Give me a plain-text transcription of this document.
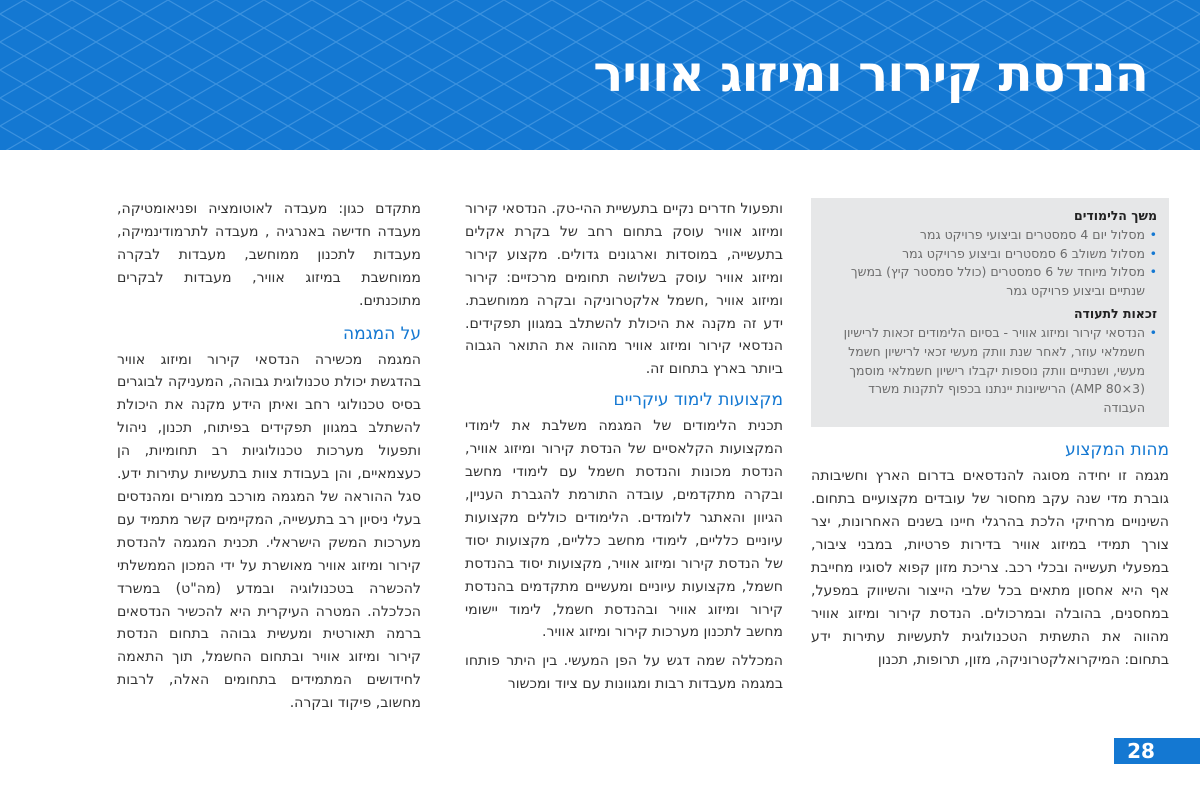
הנדסת קירור ומיזוג אוויר
משך הלימודים
• מסלול יום 4 סמסטרים וביצועי פרויקט גמר
• מסלול משולב 6 סמסטרים וביצוע פרויקט גמר
• מסלול מיוחד של 6 סמסטרים (כולל סמסטר קיץ) במשך שנתיים וביצוע פרויקט גמר
זכאות לתעודה
• הנדסאי קירור ומיזוג אוויר - בסיום הלימודים זכאות לרישיון חשמלאי עוזר, לאחר שנת וותק מעשי זכאי לרישיון חשמל מעשי, ושנתיים וותק נוספות יקבלו רישיון חשמלאי מוסמך (3×80 AMP) הרישיונות יינתנו בכפוף לתקנות משרד העבודה
מהות המקצוע

מגמה זו יחידה מסוגה להנדסאים בדרום הארץ וחשיבותה גוברת מדי שנה עקב מחסור של עובדים מקצועיים בתחום. השינויים מרחיקי הלכת בהרגלי חיינו בשנים האחרונות, יצר צורך תמידי במיזוג אוויר בדירות פרטיות, במבני ציבור, במפעלי תעשייה ובכלי רכב. צריכת מזון קפוא לסוגיו מחייבת אף היא אחסון מתאים בכל שלבי הייצור והשיווק במפעל, במחסנים, בהובלה ובמרכולים. הנדסת קירור ומיזוג אוויר מהווה את התשתית הטכנולוגית לתעשיות עתירות ידע בתחום: המיקרואלקטרוניקה, מזון, תרופות, תכנון

ותפעול חדרים נקיים בתעשיית ההי-טק. הנדסאי קירור ומיזוג אוויר עוסק בתחום רחב של בקרת אקלים בתעשייה, במוסדות וארגונים גדולים. מקצוע קירור ומיזוג אוויר עוסק בשלושה תחומים מרכזיים: קירור ומיזוג אוויר ,חשמל אלקטרוניקה ובקרה ממוחשבת. ידע זה מקנה את היכולת להשתלב במגוון תפקידים. הנדסאי קירור ומיזוג אוויר מהווה את התואר הגבוה ביותר בארץ בתחום זה.

מקצועות לימוד עיקריים

תכנית הלימודים של המגמה משלבת את לימודי המקצועות הקלאסיים של הנדסת קירור ומיזוג אוויר, הנדסת מכונות והנדסת חשמל עם לימודי מחשב ובקרה מתקדמים, עובדה התורמת להגברת העניין, הגיוון והאתגר ללומדים. הלימודים כוללים מקצועות עיוניים כלליים, לימודי מחשב כלליים, מקצועות יסוד של הנדסת קירור ומיזוג אוויר, מקצועות יסוד בהנדסת חשמל, מקצועות עיוניים ומעשיים מתקדמים בהנדסת קירור ומיזוג אוויר ובהנדסת חשמל, לימוד יישומי מחשב לתכנון מערכות קירור ומיזוג אוויר.

המכללה שמה דגש על הפן המעשי. בין היתר פותחו במגמה מעבדות רבות ומגוונות עם ציוד ומכשור

מתקדם כגון: מעבדה לאוטומציה ופניאומטיקה, מעבדה חדישה באנרגיה , מעבדה לתרמודינמיקה, מעבדות לתכנון ממוחשב, מעבדות לבקרה ממוחשבת במיזוג אוויר, מעבדות לבקרים מתוכנתים.

על המגמה

המגמה מכשירה הנדסאי קירור ומיזוג אוויר בהדגשת יכולת טכנולוגית גבוהה, המעניקה לבוגרים בסיס טכנולוגי רחב ואיתן הידע מקנה את היכולת להשתלב במגוון תפקידים בפיתוח, תכנון, ניהול ותפעול מערכות טכנולוגיות רב תחומיות, הן כעצמאיים, והן בעבודת צוות בתעשיות עתירות ידע. סגל ההוראה של המגמה מורכב ממורים ומהנדסים בעלי ניסיון רב בתעשייה, המקיימים קשר מתמיד עם מערכות המשק הישראלי. תכנית המגמה להנדסת קירור ומיזוג אוויר מאושרת על ידי המכון הממשלתי להכשרה בטכנולוגיה ובמדע (מה"ט) במשרד הכלכלה. המטרה העיקרית היא להכשיר הנדסאים ברמה תאורטית ומעשית גבוהה בתחום הנדסת קירור ומיזוג אוויר ובתחום החשמל, תוך התאמה לחידושים המתמידים בתחומים האלה, לרבות מחשוב, פיקוד ובקרה.

28
